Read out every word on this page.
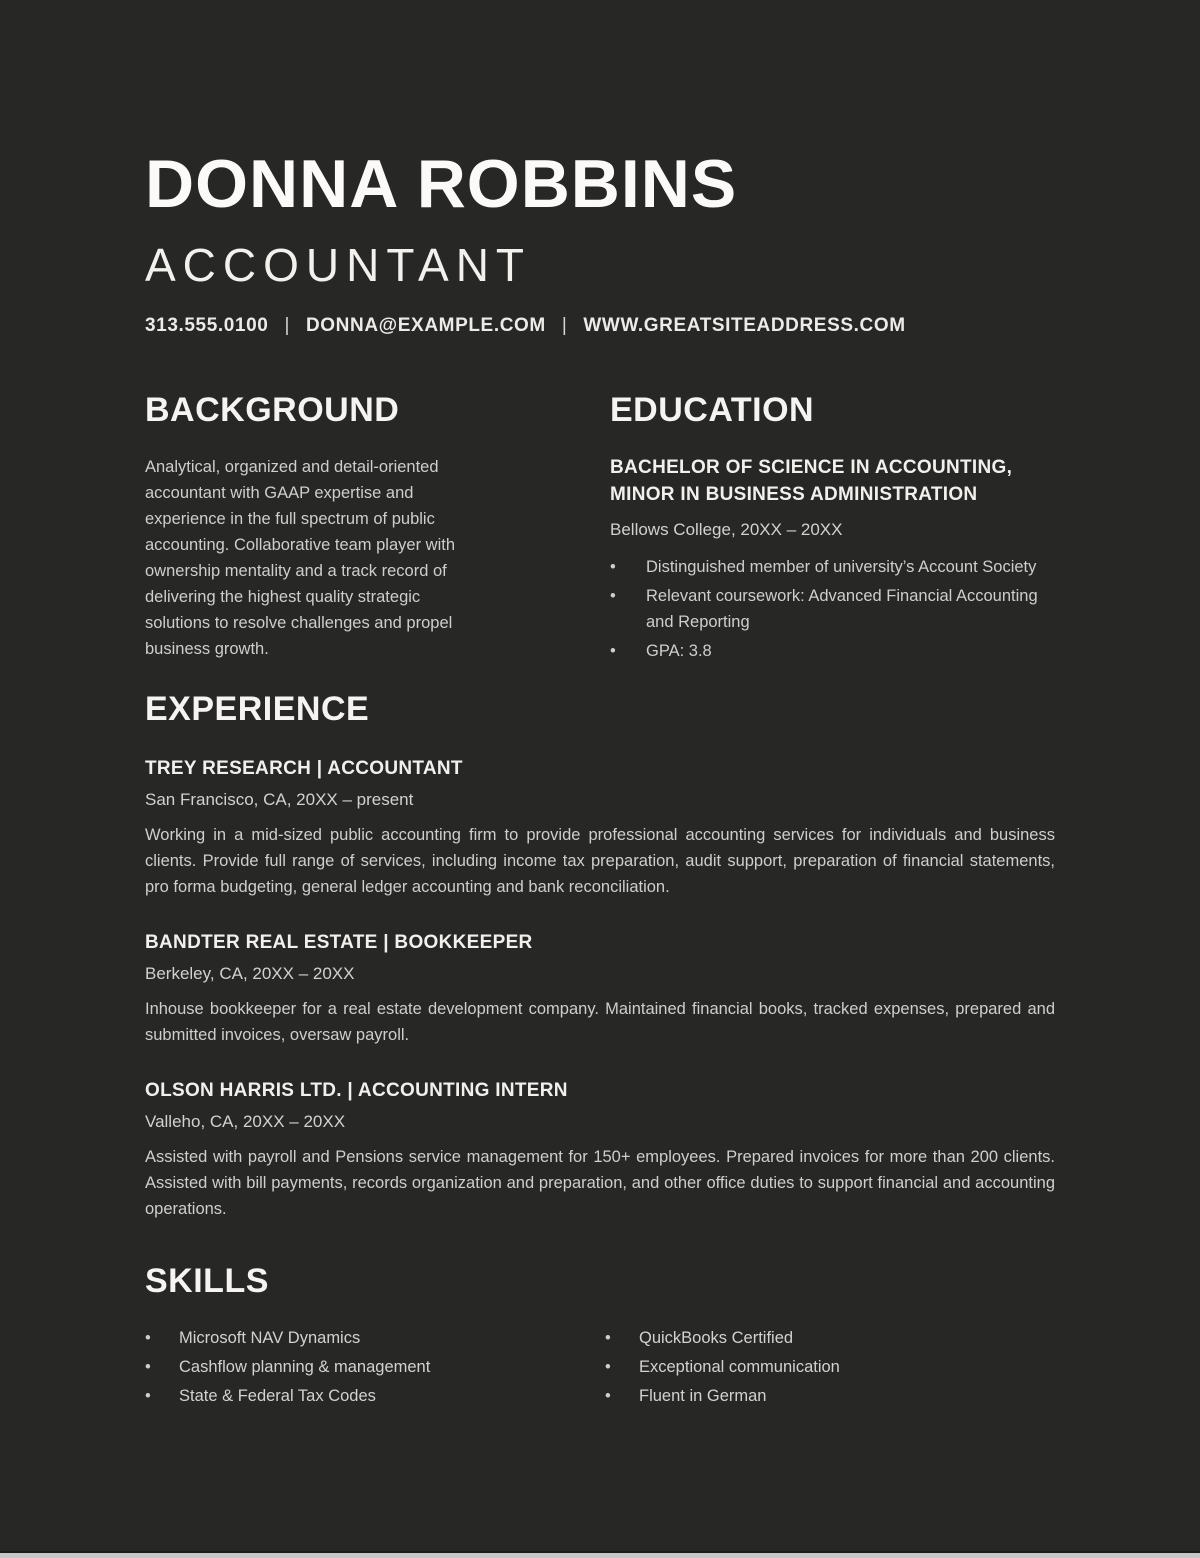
DONNA ROBBINS
ACCOUNTANT
313.555.0100 | DONNA@EXAMPLE.COM | WWW.GREATSITEADDRESS.COM
BACKGROUND
Analytical, organized and detail-oriented accountant with GAAP expertise and experience in the full spectrum of public accounting. Collaborative team player with ownership mentality and a track record of delivering the highest quality strategic solutions to resolve challenges and propel business growth.
EDUCATION
BACHELOR OF SCIENCE IN ACCOUNTING, MINOR IN BUSINESS ADMINISTRATION
Bellows College, 20XX – 20XX
•
Distinguished member of university’s Account Society
•
Relevant coursework: Advanced Financial Accounting and Reporting
•
GPA: 3.8
EXPERIENCE
TREY RESEARCH | ACCOUNTANT
San Francisco, CA, 20XX – present
Working in a mid-sized public accounting firm to provide professional accounting services for individuals and business clients. Provide full range of services, including income tax preparation, audit support, preparation of financial statements, pro forma budgeting, general ledger accounting and bank reconciliation.
BANDTER REAL ESTATE | BOOKKEEPER
Berkeley, CA, 20XX – 20XX
Inhouse bookkeeper for a real estate development company. Maintained financial books, tracked expenses, prepared and submitted invoices, oversaw payroll.
OLSON HARRIS LTD. | ACCOUNTING INTERN
Valleho, CA, 20XX – 20XX
Assisted with payroll and Pensions service management for 150+ employees. Prepared invoices for more than 200 clients. Assisted with bill payments, records organization and preparation, and other office duties to support financial and accounting operations.
SKILLS
•
Microsoft NAV Dynamics
•
Cashflow planning & management
•
State & Federal Tax Codes
•
QuickBooks Certified
•
Exceptional communication
•
Fluent in German
